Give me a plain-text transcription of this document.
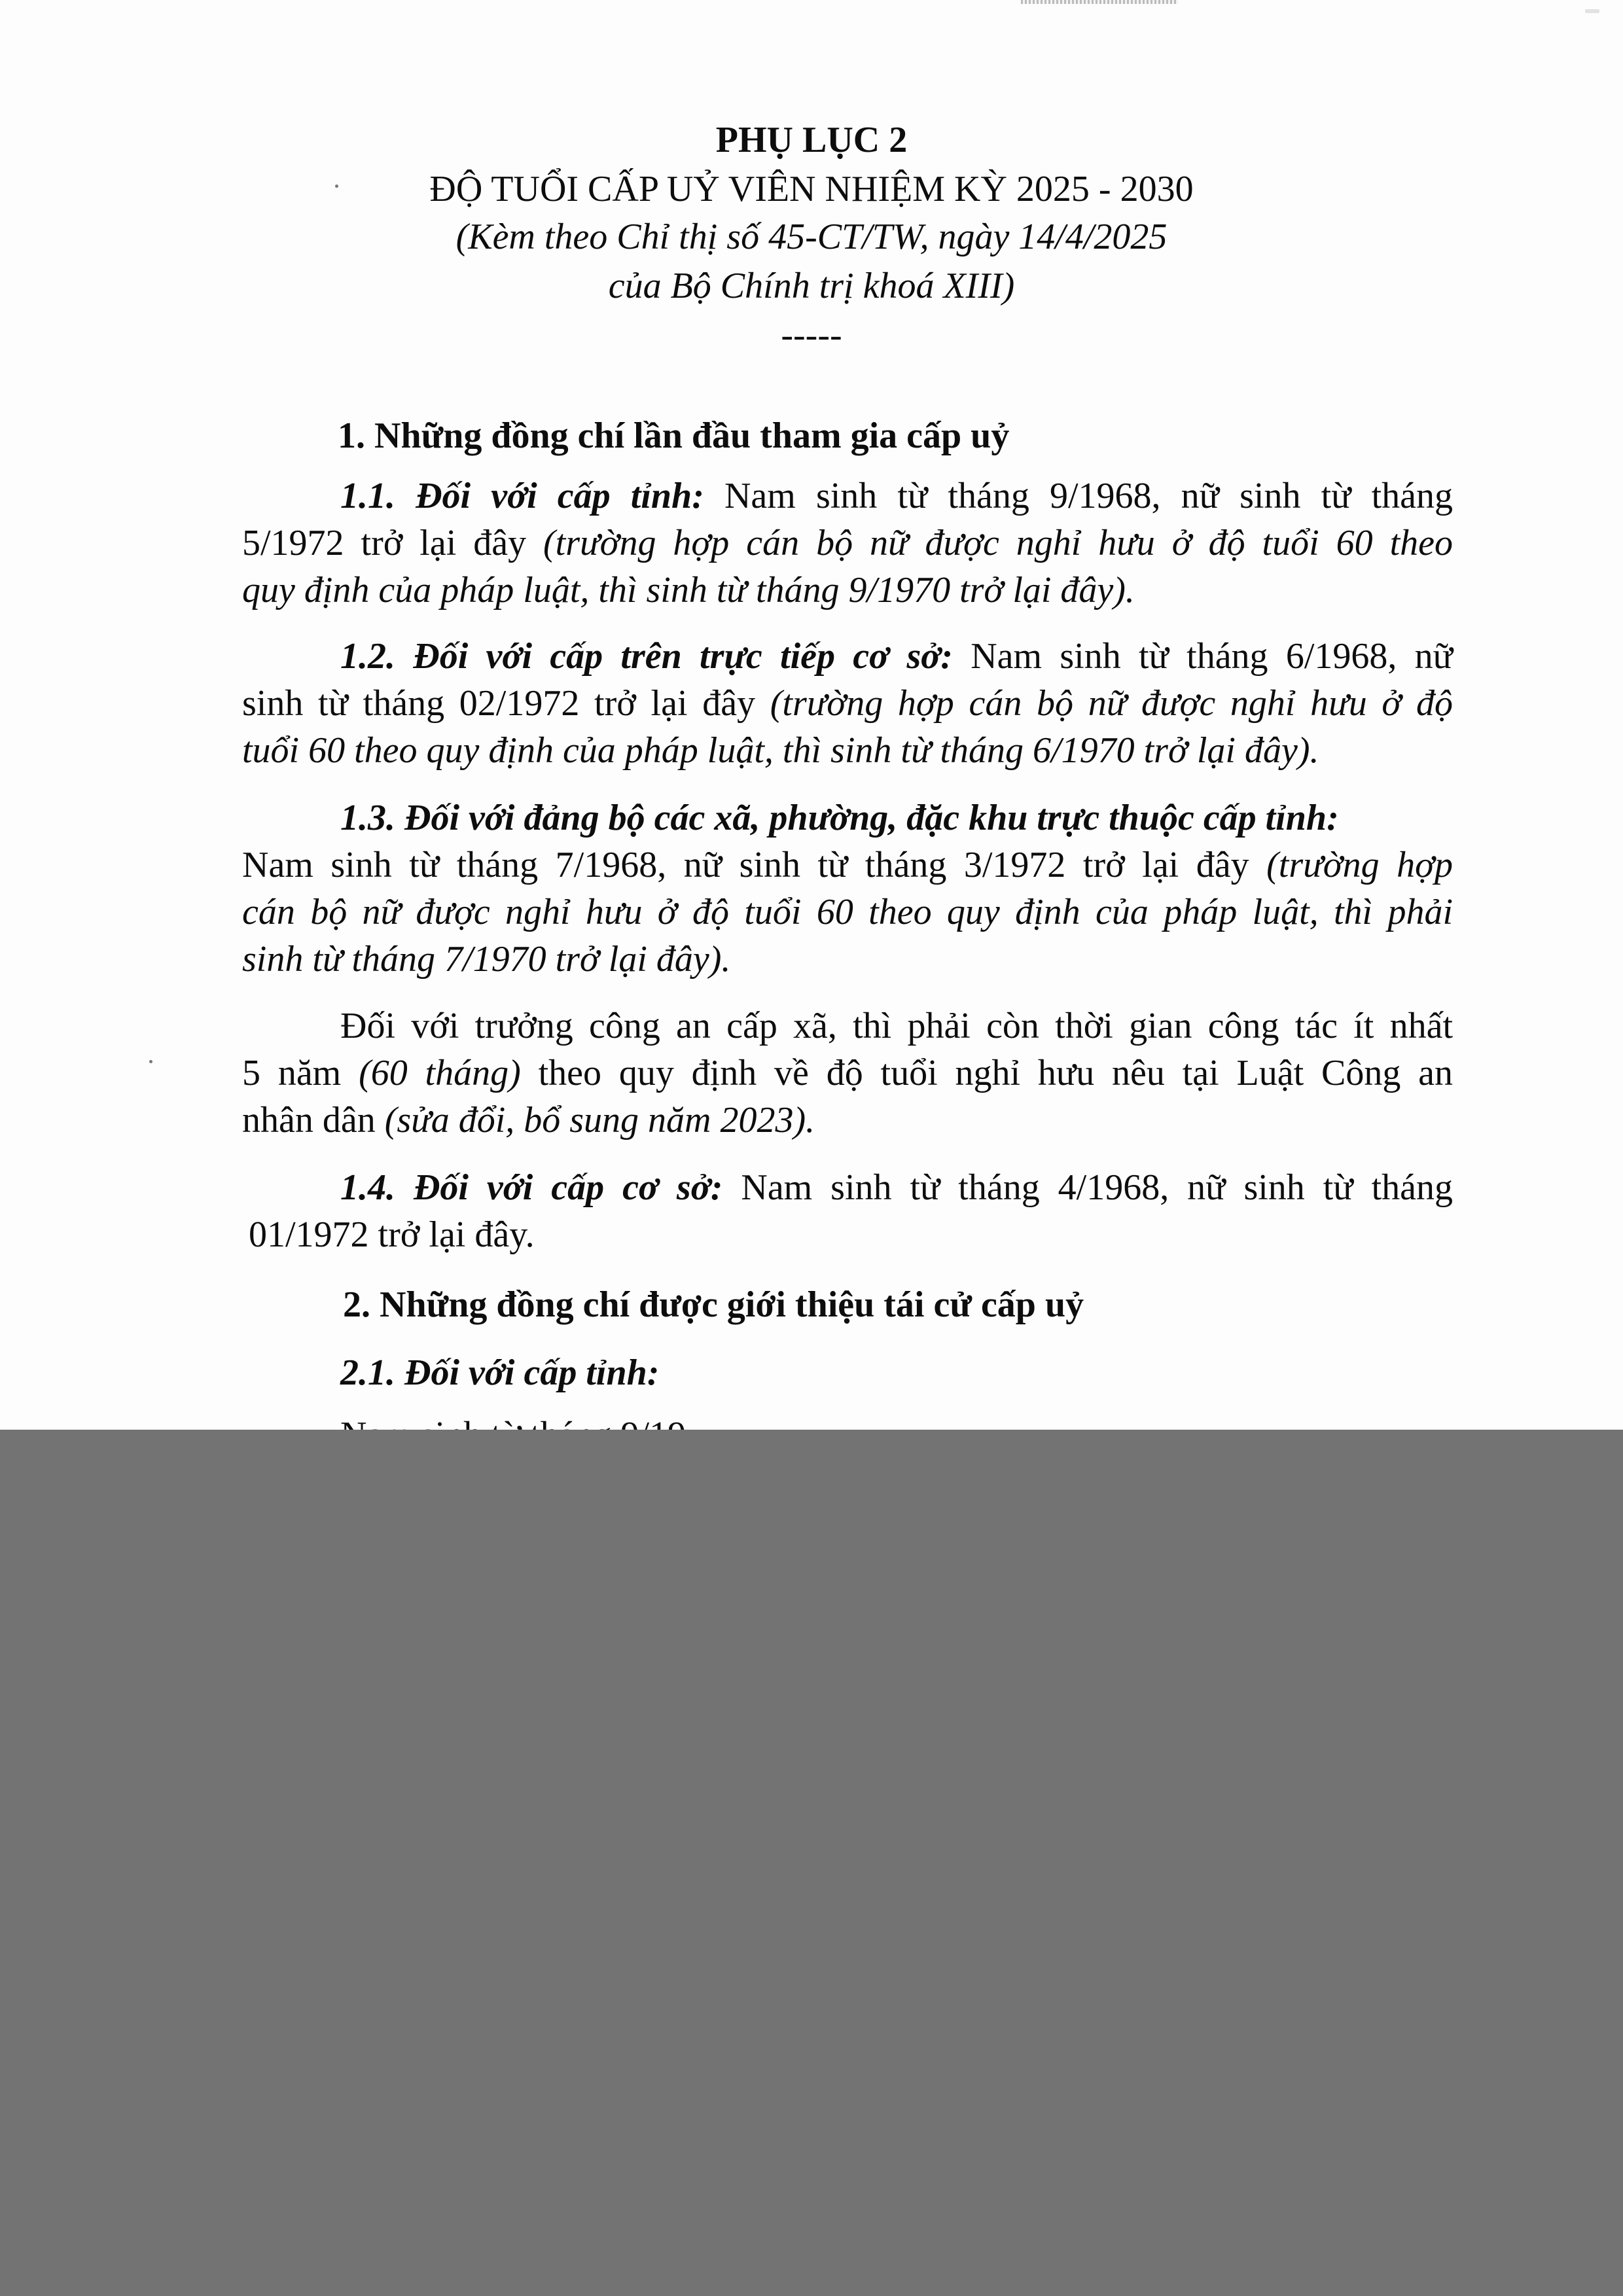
PHỤ LỤC 2
ĐỘ TUỔI CẤP UỶ VIÊN NHIỆM KỲ 2025 - 2030
(Kèm theo Chỉ thị số 45-CT/TW, ngày 14/4/2025
của Bộ Chính trị khoá XIII)
-----
1. Những đồng chí lần đầu tham gia cấp uỷ
1.1. Đối với cấp tỉnh: Nam sinh từ tháng 9/1968, nữ sinh từ tháng
5/1972 trở lại đây (trường hợp cán bộ nữ được nghỉ hưu ở độ tuổi 60 theo
quy định của pháp luật, thì sinh từ tháng 9/1970 trở lại đây).
1.2. Đối với cấp trên trực tiếp cơ sở: Nam sinh từ tháng 6/1968, nữ
sinh từ tháng 02/1972 trở lại đây (trường hợp cán bộ nữ được nghỉ hưu ở độ
tuổi 60 theo quy định của pháp luật, thì sinh từ tháng 6/1970 trở lại đây).
1.3. Đối với đảng bộ các xã, phường, đặc khu trực thuộc cấp tỉnh:
Nam sinh từ tháng 7/1968, nữ sinh từ tháng 3/1972 trở lại đây (trường hợp
cán bộ nữ được nghỉ hưu ở độ tuổi 60 theo quy định của pháp luật, thì phải
sinh từ tháng 7/1970 trở lại đây).
Đối với trưởng công an cấp xã, thì phải còn thời gian công tác ít nhất
5 năm (60 tháng) theo quy định về độ tuổi nghỉ hưu nêu tại Luật Công an
nhân dân (sửa đổi, bổ sung năm 2023).
1.4. Đối với cấp cơ sở: Nam sinh từ tháng 4/1968, nữ sinh từ tháng
01/1972 trở lại đây.
2. Những đồng chí được giới thiệu tái cử cấp uỷ
2.1. Đối với cấp tỉnh:
